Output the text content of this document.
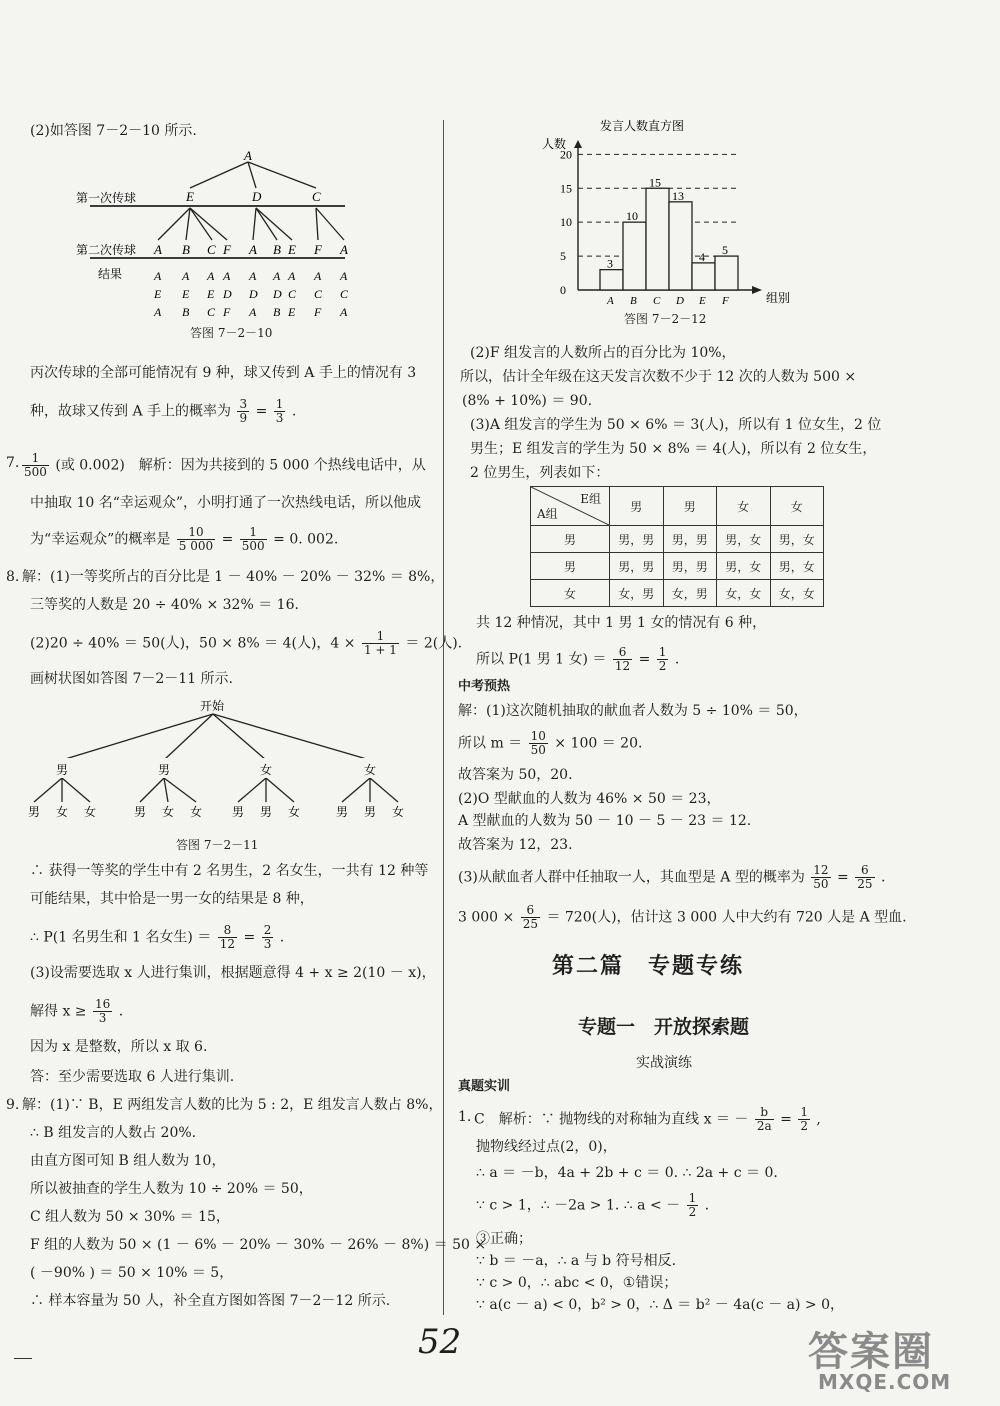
(2)如答图 7－2－10 所示.
A
第一次传球	E	D	C
第二次传球 A B C F A B E F A
结果	A A A A A A A A A
E E E D D D C C C
A B C F A B E F A
答图 7－2－10
丙次传球的全部可能情况有 9 种，球又传到 A 手上的情况有 3
种，故球又传到 A 手上的概率为 $\frac{3}{9} = \frac{1}{3}$ .
7. $\frac{1}{500}$ (或 0.002)　解析：因为共接到的 5 000 个热线电话中，从
中抽取 10 名“幸运观众”，小明打通了一次热线电话，所以他成
为“幸运观众”的概率是 $\frac{10}{5 000} = \frac{1}{500} = 0$. 002.
8. 解：(1)一等奖所占的百分比是 1 － 40% － 20% － 32% ＝ 8%，
三等奖的人数是 20 ÷ 40% × 32% ＝ 16.
(2)20 ÷ 40% ＝ 50(人)，50 × 8% ＝ 4(人)，$4 \times \frac{1}{1 + 1} = 2$(人).
画树状图如答图 7－2－11 所示.
开始
男	男	女	女
男 女 女	男 女 女 男 男 女	男 男 女
答图 7－2－11
∴ 获得一等奖的学生中有 2 名男生，2 名女生，一共有 12 种等
可能结果，其中恰是一男一女的结果是 8 种，
∴ P(1 名男生和 1 名女生) ＝ $\frac{8}{12} = \frac{2}{3}$ .
(3)设需要选取 x 人进行集训，根据题意得 4 + x ≥ 2(10 － x)，
解得 $x \ge \frac{16}{3}$ .
因为 x 是整数，所以 x 取 6.
答：至少需要选取 6 人进行集训.
9. 解：(1)∵ B，E 两组发言人数的比为 5 : 2，E 组发言人数占 8%，
∴ B 组发言的人数占 20%.
由直方图可知 B 组人数为 10，
所以被抽查的学生人数为 10 ÷ 20% ＝ 50，
C 组人数为 50 × 30% ＝ 15，
F 组的人数为 50 × (1 － 6% － 20% － 30% － 26% － 8%) ＝ 50 ×
( －90% ) ＝ 50 × 10% ＝ 5，
∴ 样本容量为 50 人，补全直方图如答图 7－2－12 所示.
发言人数直方图
人数
组别
0
5
10
15
20
3
A
10
B
15
C
13
D
4
E
5
F
答图 7－2－12
(2)F 组发言的人数所占的百分比为 10%，
所以，估计全年级在这天发言次数不少于 12 次的人数为 500 ×
(8% + 10%) ＝ 90.
(3)A 组发言的学生为 50 × 6% ＝ 3(人)，所以有 1 位女生，2 位
男生；E 组发言的学生为 50 × 8% ＝ 4(人)，所以有 2 位女生，
2 位男生，列表如下：
E组
A组	男	男	女	女
男	男，男	男，男	男，女	男，女
男	男，男	男，男	男，女	男，女
女	女，男	女，男	女，女	女，女
共 12 种情况，其中 1 男 1 女的情况有 6 种，
所以 P(1 男 1 女) ＝ $\frac{6}{12} = \frac{1}{2}$ .
中考预热
解：(1)这次随机抽取的献血者人数为 5 ÷ 10% ＝ 50，
所以 $m = \frac{10}{50} \times 100 = 20$.
故答案为 50，20.
(2)O 型献血的人数为 46% × 50 ＝ 23，
A 型献血的人数为 50 － 10 － 5 － 23 ＝ 12.
故答案为 12，23.
(3)从献血者人群中任抽取一人，其血型是 A 型的概率为 $\frac{12}{50} = \frac{6}{25}$ .
3 $000 \times \frac{6}{25} = 720$(人)，估计这 3 000 人中大约有 720 人是 A 型血.
第二篇　专题专练
专题一　开放探索题
实战演练
真题实训
1. C　解析：∵ 抛物线的对称轴为直线 x ＝ － $\frac{b}{2a} = \frac{1}{2}$ ,
抛物线经过点(2，0)，
∴ a ＝ －b，4a + 2b + c ＝ 0. ∴ 2a + c ＝ 0.
∵ c > 1，∴ －2a > 1. ∴ a < － $\frac{1}{2}$ .
③正确；
∵ b ＝ －a，∴ a 与 b 符号相反.
∵ c > 0，∴ abc < 0，①错误；
∵ a(c － a) < 0，b² > 0，∴ Δ ＝ b² － 4a(c － a) > 0，
52	答案圈
MXQE.COM
